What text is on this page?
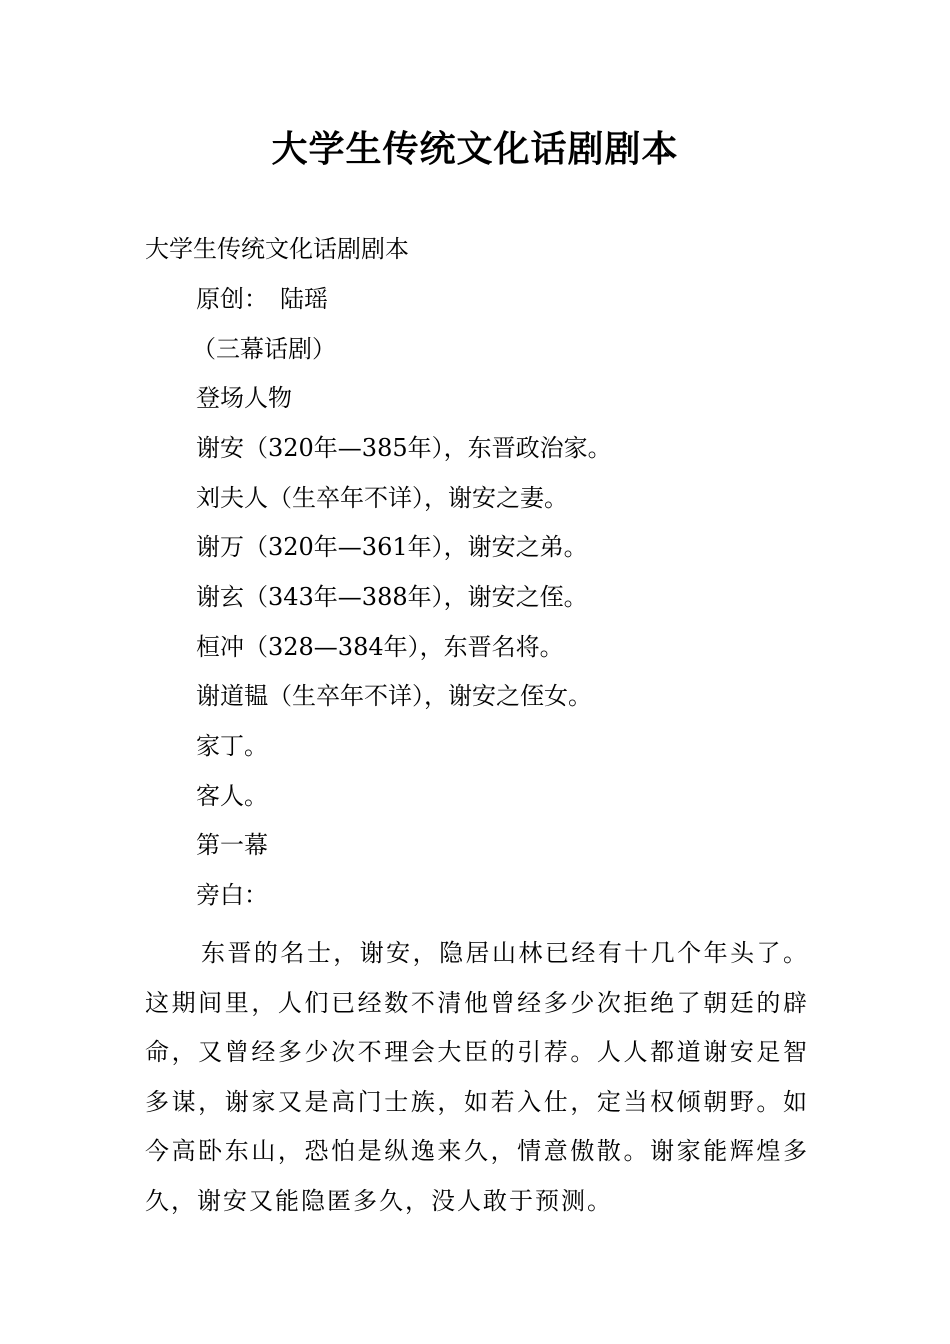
大学生传统文化话剧剧本

大学生传统文化话剧剧本

原创：　陆瑶

（三幕话剧）

登场人物

谢安（320年—385年），东晋政治家。

刘夫人（生卒年不详），谢安之妻。

谢万（320年—361年），谢安之弟。

谢玄（343年—388年），谢安之侄。

桓冲（328—384年），东晋名将。

谢道韫（生卒年不详），谢安之侄女。

家丁。

客人。

第一幕

旁白：

东晋的名士，谢安，隐居山林已经有十几个年头了。这期间里，人们已经数不清他曾经多少次拒绝了朝廷的辟命，又曾经多少次不理会大臣的引荐。人人都道谢安足智多谋，谢家又是高门士族，如若入仕，定当权倾朝野。如今高卧东山，恐怕是纵逸来久，情意傲散。谢家能辉煌多久，谢安又能隐匿多久，没人敢于预测。
